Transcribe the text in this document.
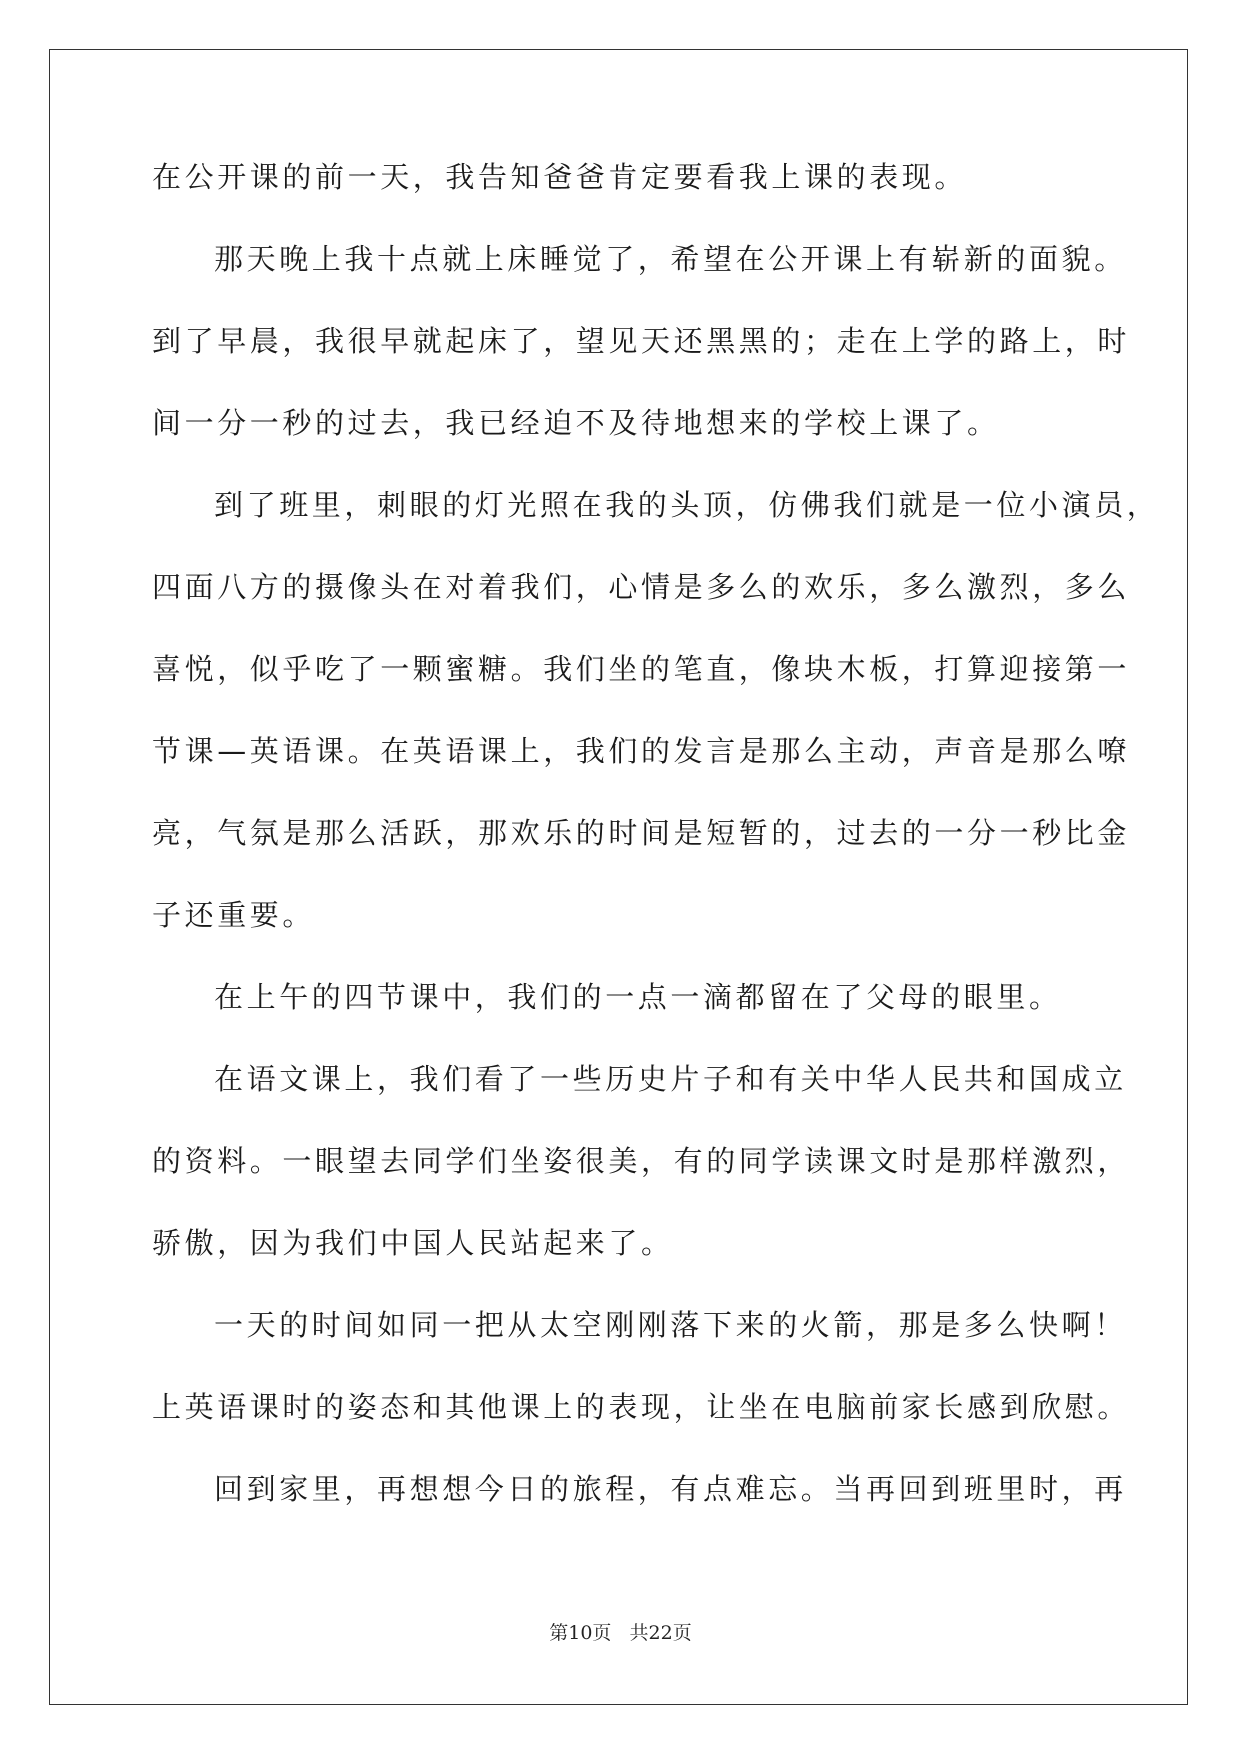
在公开课的前一天，我告知爸爸肯定要看我上课的表现。
那天晚上我十点就上床睡觉了，希望在公开课上有崭新的面貌。
到了早晨，我很早就起床了，望见天还黑黑的；走在上学的路上，时
间一分一秒的过去，我已经迫不及待地想来的学校上课了。
到了班里，刺眼的灯光照在我的头顶，仿佛我们就是一位小演员，
四面八方的摄像头在对着我们，心情是多么的欢乐，多么激烈，多么
喜悦，似乎吃了一颗蜜糖。我们坐的笔直，像块木板，打算迎接第一
节课—英语课。在英语课上，我们的发言是那么主动，声音是那么嘹
亮，气氛是那么活跃，那欢乐的时间是短暂的，过去的一分一秒比金
子还重要。
在上午的四节课中，我们的一点一滴都留在了父母的眼里。
在语文课上，我们看了一些历史片子和有关中华人民共和国成立
的资料。一眼望去同学们坐姿很美，有的同学读课文时是那样激烈，
骄傲，因为我们中国人民站起来了。
一天的时间如同一把从太空刚刚落下来的火箭，那是多么快啊！
上英语课时的姿态和其他课上的表现，让坐在电脑前家长感到欣慰。
回到家里，再想想今日的旅程，有点难忘。当再回到班里时，再
第10页   共22页
